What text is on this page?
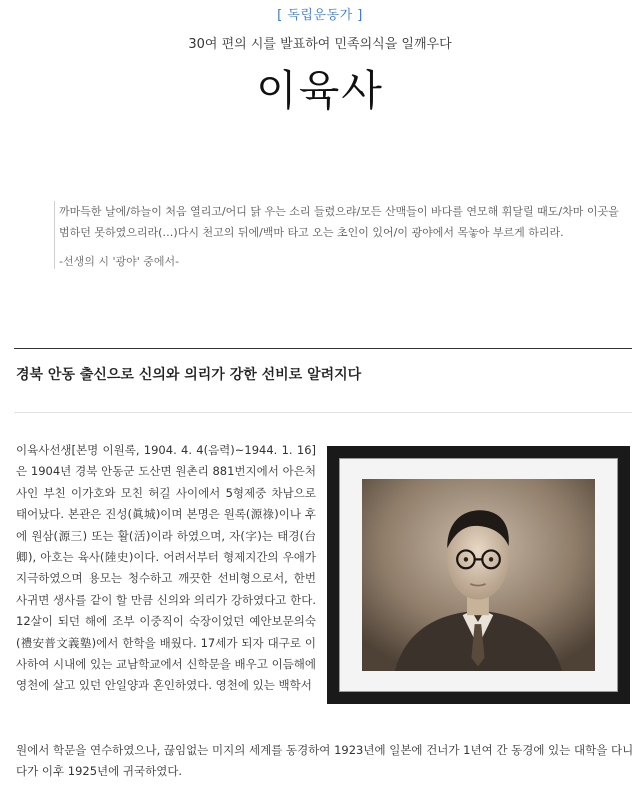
[ 독립운동가 ]
30여 편의 시를 발표하여 민족의식을 일깨우다
이육사
까마득한 날에/하늘이 처음 열리고/어디 닭 우는 소리 들렸으랴/모든 산맥들이 바다를 연모해 휘달릴 때도/차마 이곳을 범하던 못하였으리라(…)다시 천고의 뒤에/백마 타고 오는 초인이 있어/이 광야에서 목놓아 부르게 하리라.
-선생의 시 '광야' 중에서-
경북 안동 출신으로 신의와 의리가 강한 선비로 알려지다
이육사선생[본명 이원록, 1904. 4. 4(음력)~1944. 1. 16]은 1904년 경북 안동군 도산면 원촌리 881번지에서 아은처사인 부친 이가호와 모친 허길 사이에서 5형제중 차남으로 태어났다. 본관은 진성(眞城)이며 본명은 원록(源祿)이나 후에 원삼(源三) 또는 활(活)이라 하였으며, 자(字)는 태경(台卿), 아호는 육사(陸史)이다. 어려서부터 형제지간의 우애가 지극하였으며 용모는 청수하고 깨끗한 선비형으로서, 한번 사귀면 생사를 같이 할 만큼 신의와 의리가 강하였다고 한다. 12살이 되던 해에 조부 이중직이 숙장이었던 예안보문의숙(禮安普文義塾)에서 한학을 배웠다. 17세가 되자 대구로 이사하여 시내에 있는 교남학교에서 신학문을 배우고 이듬해에 영천에 살고 있던 안일양과 혼인하였다. 영천에 있는 백학서
원에서 학문을 연수하였으나, 끊임없는 미지의 세계를 동경하여 1923년에 일본에 건너가 1년여 간 동경에 있는 대학을 다니다가 이후 1925년에 귀국하였다.
